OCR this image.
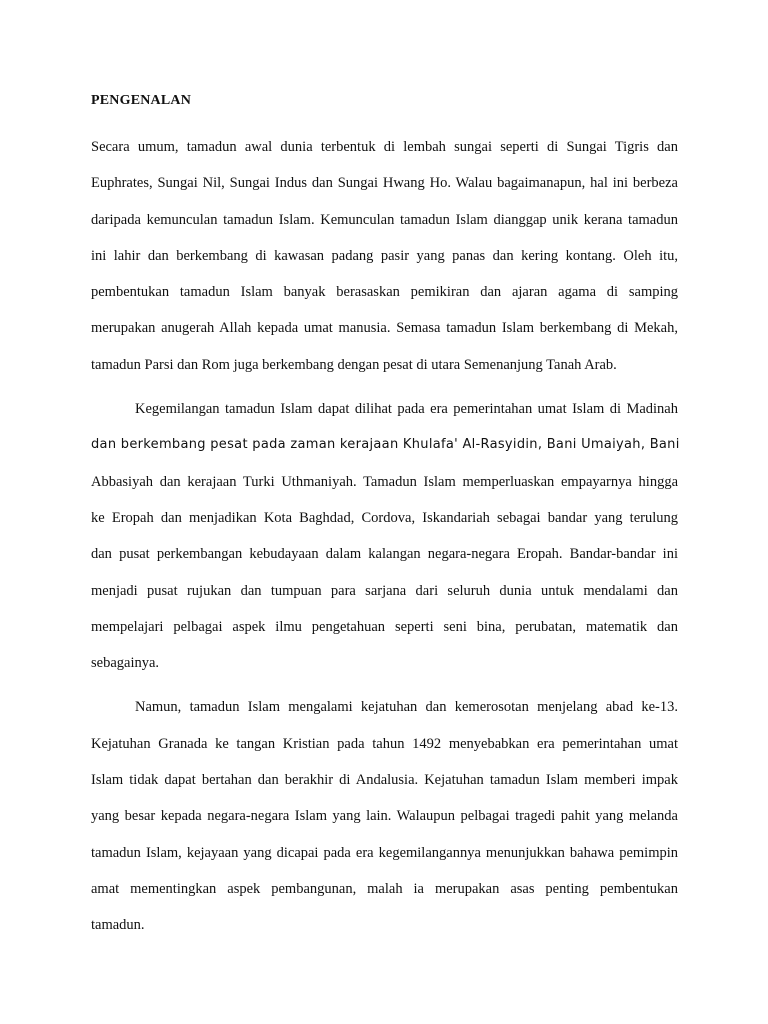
PENGENALAN
Secara umum, tamadun awal dunia terbentuk di lembah sungai seperti di Sungai Tigris dan
Euphrates, Sungai Nil, Sungai Indus dan Sungai Hwang Ho. Walau bagaimanapun, hal ini berbeza
daripada kemunculan tamadun Islam. Kemunculan tamadun Islam dianggap unik kerana tamadun
ini lahir dan berkembang di kawasan padang pasir yang panas dan kering kontang. Oleh itu,
pembentukan tamadun Islam banyak berasaskan pemikiran dan ajaran agama di samping
merupakan anugerah Allah kepada umat manusia. Semasa tamadun Islam berkembang di Mekah,
tamadun Parsi dan Rom juga berkembang dengan pesat di utara Semenanjung Tanah Arab.
Kegemilangan tamadun Islam dapat dilihat pada era pemerintahan umat Islam di Madinah
dan berkembang pesat pada zaman kerajaan Khulafa' Al-Rasyidin, Bani Umaiyah, Bani
Abbasiyah dan kerajaan Turki Uthmaniyah. Tamadun Islam memperluaskan empayarnya hingga
ke Eropah dan menjadikan Kota Baghdad, Cordova, Iskandariah sebagai bandar yang terulung
dan pusat perkembangan kebudayaan dalam kalangan negara-negara Eropah. Bandar-bandar ini
menjadi pusat rujukan dan tumpuan para sarjana dari seluruh dunia untuk mendalami dan
mempelajari pelbagai aspek ilmu pengetahuan seperti seni bina, perubatan, matematik dan
sebagainya.
Namun, tamadun Islam mengalami kejatuhan dan kemerosotan menjelang abad ke-13.
Kejatuhan Granada ke tangan Kristian pada tahun 1492 menyebabkan era pemerintahan umat
Islam tidak dapat bertahan dan berakhir di Andalusia. Kejatuhan tamadun Islam memberi impak
yang besar kepada negara-negara Islam yang lain. Walaupun pelbagai tragedi pahit yang melanda
tamadun Islam, kejayaan yang dicapai pada era kegemilangannya menunjukkan bahawa pemimpin
amat mementingkan aspek pembangunan, malah ia merupakan asas penting pembentukan
tamadun.
